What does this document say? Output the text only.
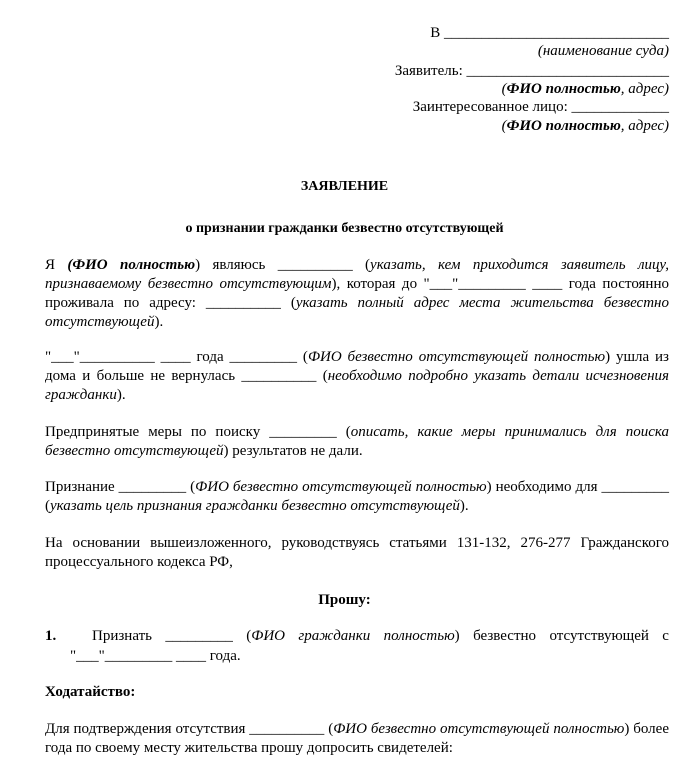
В ______________________________
(наименование суда)
Заявитель: ___________________________
(ФИО полностью, адрес)
Заинтересованное лицо: _____________
(ФИО полностью, адрес)
ЗАЯВЛЕНИЕ
о признании гражданки безвестно отсутствующей
Я (ФИО полностью) являюсь __________ (указать, кем приходится заявитель лицу, признаваемому безвестно отсутствующим), которая до "___"_________ ____ года постоянно проживала по адресу: __________ (указать полный адрес места жительства безвестно отсутствующей).
"___"__________ ____ года _________ (ФИО безвестно отсутствующей полностью) ушла из дома и больше не вернулась __________ (необходимо подробно указать детали исчезновения гражданки).
Предпринятые меры по поиску _________ (описать, какие меры принимались для поиска безвестно отсутствующей) результатов не дали.
Признание _________ (ФИО безвестно отсутствующей полностью) необходимо для _________ (указать цель признания гражданки безвестно отсутствующей).
На основании вышеизложенного, руководствуясь статьями 131-132, 276-277 Гражданского процессуального кодекса РФ,
Прошу:
1. Признать _________ (ФИО гражданки полностью) безвестно отсутствующей с
"___"_________ ____ года.
Ходатайство:
Для подтверждения отсутствия __________ (ФИО безвестно отсутствующей полностью) более года по своему месту жительства прошу допросить свидетелей:
